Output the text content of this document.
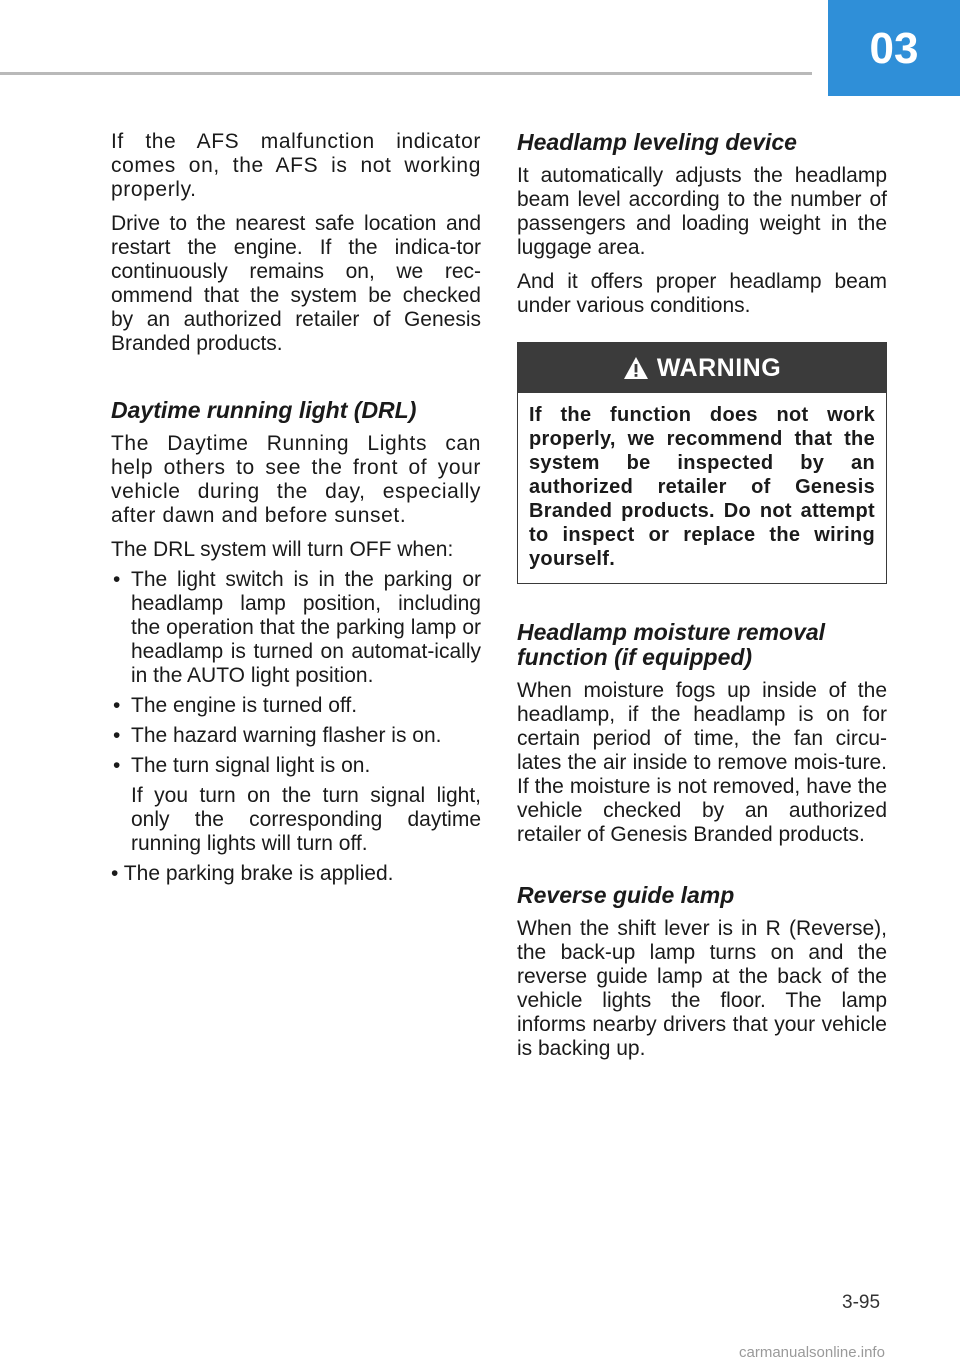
03

If the AFS malfunction indicator comes on, the AFS is not working properly.

Drive to the nearest safe location and restart the engine. If the indica-tor continuously remains on, we rec-ommend that the system be checked by an authorized retailer of Genesis Branded products.

Daytime running light (DRL)

The Daytime Running Lights can help others to see the front of your vehicle during the day, especially after dawn and before sunset.

The DRL system will turn OFF when:

• The light switch is in the parking or headlamp lamp position, including the operation that the parking lamp or headlamp is turned on automat-ically in the AUTO light position.
• The engine is turned off.
• The hazard warning flasher is on.
• The turn signal light is on.

If you turn on the turn signal light, only the corresponding daytime running lights will turn off.

• The parking brake is applied.

Headlamp leveling device

It automatically adjusts the headlamp beam level according to the number of passengers and loading weight in the luggage area.

And it offers proper headlamp beam under various conditions.

WARNING
If the function does not work properly, we recommend that the system be inspected by an authorized retailer of Genesis Branded products. Do not attempt to inspect or replace the wiring yourself.
Headlamp moisture removal function (if equipped)

When moisture fogs up inside of the headlamp, if the headlamp is on for certain period of time, the fan circu-lates the air inside to remove mois-ture. If the moisture is not removed, have the vehicle checked by an authorized retailer of Genesis Branded products.

Reverse guide lamp

When the shift lever is in R (Reverse), the back-up lamp turns on and the reverse guide lamp at the back of the vehicle lights the floor. The lamp informs nearby drivers that your vehicle is backing up.

3-95
carmanualsonline.info
